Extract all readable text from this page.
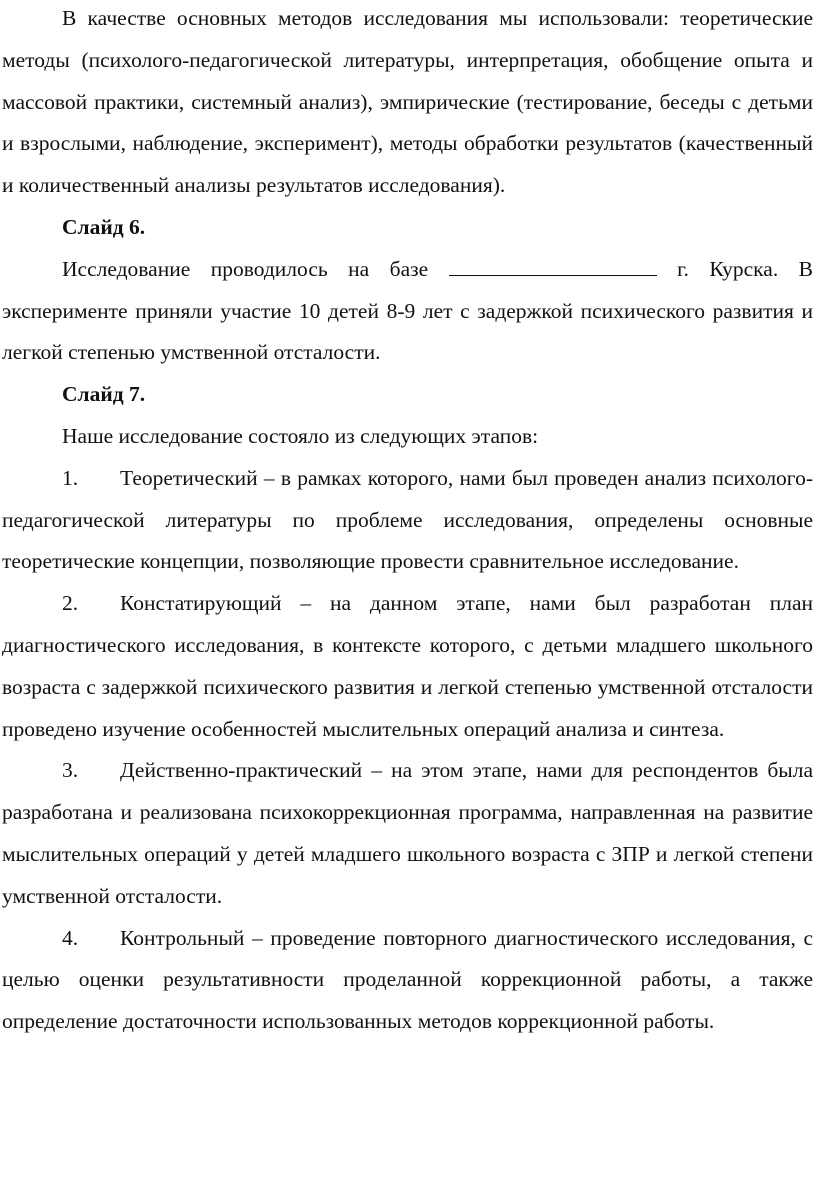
В качестве основных методов исследования мы использовали: теоретические методы (психолого-педагогической литературы, интерпретация, обобщение опыта и массовой практики, системный анализ), эмпирические (тестирование, беседы с детьми и взрослыми, наблюдение, эксперимент), методы обработки результатов (качественный и количественный анализы результатов исследования).

Слайд 6.

Исследование проводилось на базе	г. Курска. В эксперименте приняли участие 10 детей 8-9 лет с задержкой психического развития и легкой степенью умственной отсталости.

Слайд 7.

Наше исследование состояло из следующих этапов:

1. Теоретический – в рамках которого, нами был проведен анализ психолого-педагогической литературы по проблеме исследования, определены основные теоретические концепции, позволяющие провести сравнительное исследование.

2. Констатирующий – на данном этапе, нами был разработан план диагностического исследования, в контексте которого, с детьми младшего школьного возраста с задержкой психического развития и легкой степенью умственной отсталости проведено изучение особенностей мыслительных операций анализа и синтеза.

3. Действенно-практический – на этом этапе, нами для респондентов была разработана и реализована психокоррекционная программа, направленная на развитие мыслительных операций у детей младшего школьного возраста с ЗПР и легкой степени умственной отсталости.

4. Контрольный – проведение повторного диагностического исследования, с целью оценки результативности проделанной коррекционной работы, а также определение достаточности использованных методов коррекционной работы.
